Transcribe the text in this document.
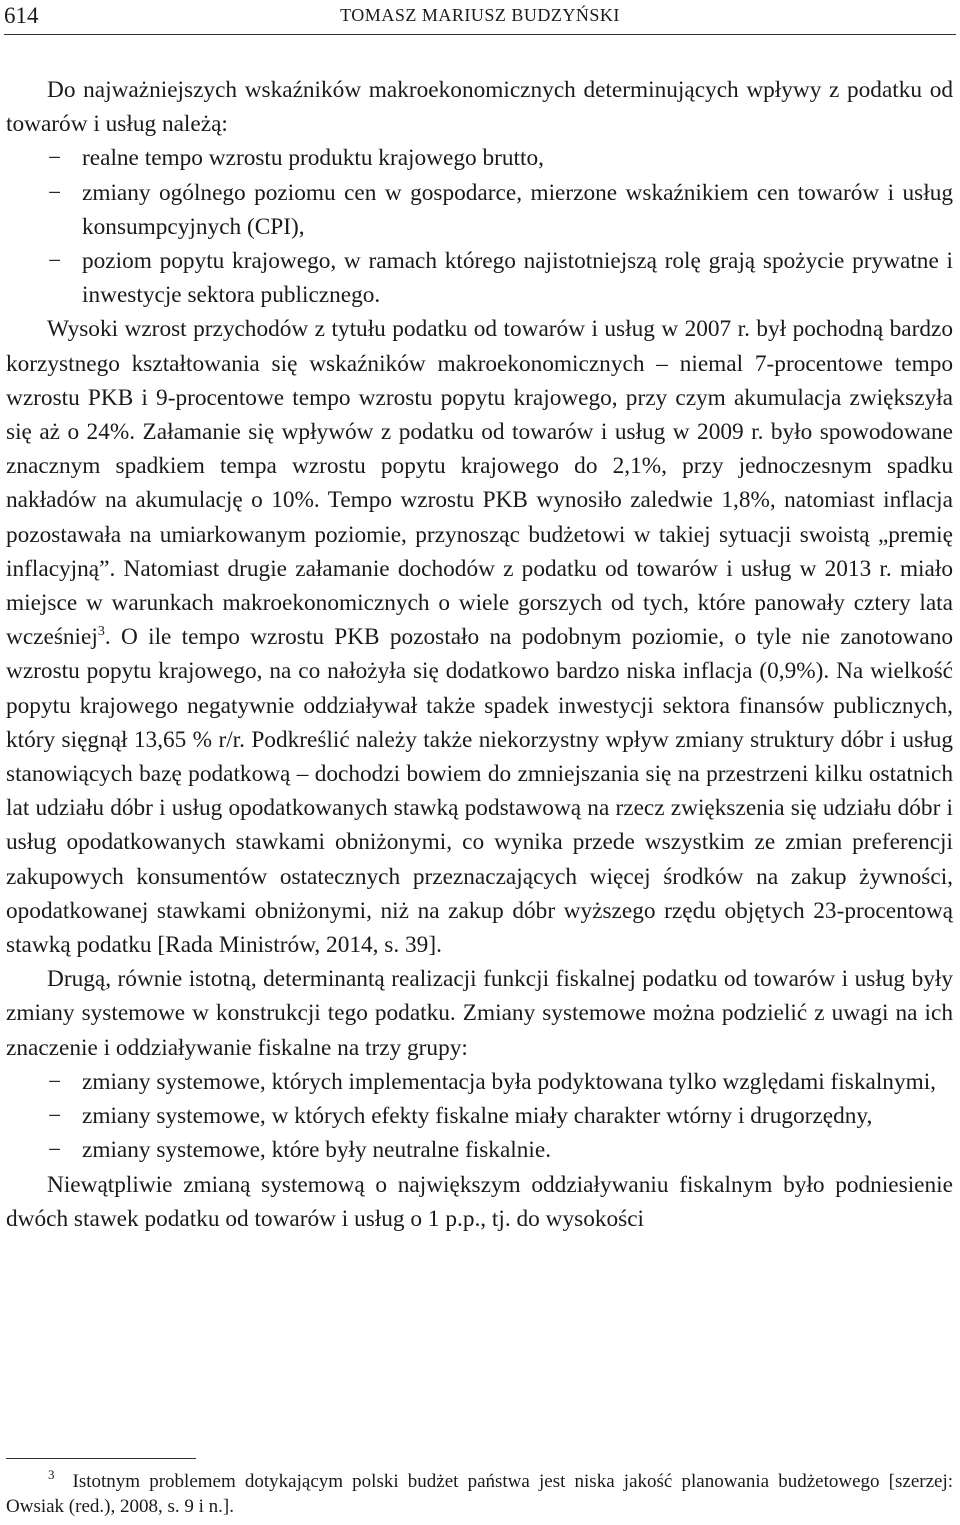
614	TOMASZ MARIUSZ BUDZYŃSKI

Do najważniejszych wskaźników makroekonomicznych determinujących wpływy z podatku od towarów i usług należą:

− realne tempo wzrostu produktu krajowego brutto,
− zmiany ogólnego poziomu cen w gospodarce, mierzone wskaźnikiem cen towarów i usług konsumpcyjnych (CPI),
− poziom popytu krajowego, w ramach którego najistotniejszą rolę grają spożycie prywatne i inwestycje sektora publicznego.

Wysoki wzrost przychodów z tytułu podatku od towarów i usług w 2007 r. był pochodną bardzo korzystnego kształtowania się wskaźników makroekonomicznych – niemal 7-procentowe tempo wzrostu PKB i 9-procentowe tempo wzrostu popytu krajowego, przy czym akumulacja zwiększyła się aż o 24%. Załamanie się wpływów z podatku od towarów i usług w 2009 r. było spowodowane znacznym spadkiem tempa wzrostu popytu krajowego do 2,1%, przy jednoczesnym spadku nakładów na akumulację o 10%. Tempo wzrostu PKB wynosiło zaledwie 1,8%, natomiast inflacja pozostawała na umiarkowanym poziomie, przynosząc budżetowi w takiej sytuacji swoistą „premię inflacyjną”. Natomiast drugie załamanie dochodów z podatku od towarów i usług w 2013 r. miało miejsce w warunkach makroekonomicznych o wiele gorszych od tych, które panowały cztery lata wcześniej$^3$. O ile tempo wzrostu PKB pozostało na podobnym poziomie, o tyle nie zanotowano wzrostu popytu krajowego, na co nałożyła się dodatkowo bardzo niska inflacja (0,9%). Na wielkość popytu krajowego negatywnie oddziaływał także spadek inwestycji sektora finansów publicznych, który sięgnął 13,65 % r/r. Podkreślić należy także niekorzystny wpływ zmiany struktury dóbr i usług stanowiących bazę podatkową – dochodzi bowiem do zmniejszania się na przestrzeni kilku ostatnich lat udziału dóbr i usług opodatkowanych stawką podstawową na rzecz zwiększenia się udziału dóbr i usług opodatkowanych stawkami obniżonymi, co wynika przede wszystkim ze zmian preferencji zakupowych konsumentów ostatecznych przeznaczających więcej środków na zakup żywności, opodatkowanej stawkami obniżonymi, niż na zakup dóbr wyższego rzędu objętych 23-procentową stawką podatku [Rada Ministrów, 2014, s. 39].

Drugą, równie istotną, determinantą realizacji funkcji fiskalnej podatku od towarów i usług były zmiany systemowe w konstrukcji tego podatku. Zmiany systemowe można podzielić z uwagi na ich znaczenie i oddziaływanie fiskalne na trzy grupy:

− zmiany systemowe, których implementacja była podyktowana tylko względami fiskalnymi,
− zmiany systemowe, w których efekty fiskalne miały charakter wtórny i drugorzędny,
− zmiany systemowe, które były neutralne fiskalnie.

Niewątpliwie zmianą systemową o największym oddziaływaniu fiskalnym było podniesienie dwóch stawek podatku od towarów i usług o 1 p.p., tj. do wysokości

$^3$ Istotnym problemem dotykającym polski budżet państwa jest niska jakość planowania budżetowego [szerzej: Owsiak (red.), 2008, s. 9 i n.].
